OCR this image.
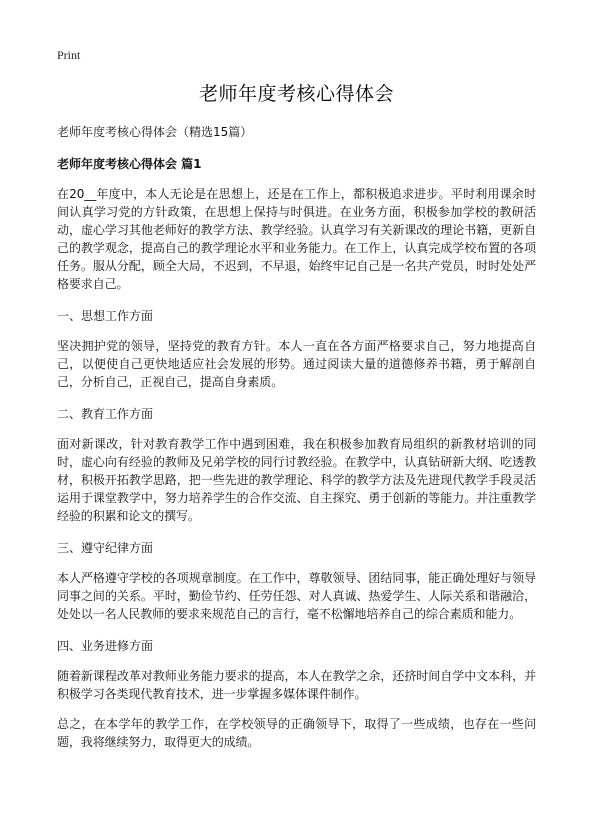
Print
老师年度考核心得体会

老师年度考核心得体会（精选15篇）

老师年度考核心得体会 篇1

在20__年度中，本人无论是在思想上，还是在工作上，都积极追求进步。平时利用课余时间认真学习党的方针政策，在思想上保持与时俱进。在业务方面，积极参加学校的教研活动，虚心学习其他老师好的教学方法、教学经验。认真学习有关新课改的理论书籍，更新自己的教学观念，提高自己的教学理论水平和业务能力。在工作上，认真完成学校布置的各项任务。服从分配，顾全大局，不迟到，不早退，始终牢记自己是一名共产党员，时时处处严格要求自己。

一、思想工作方面

坚决拥护党的领导，坚持党的教育方针。本人一直在各方面严格要求自己，努力地提高自己，以便使自己更快地适应社会发展的形势。通过阅读大量的道德修养书籍，勇于解剖自己，分析自己，正视自己，提高自身素质。

二、教育工作方面

面对新课改，针对教育教学工作中遇到困难，我在积极参加教育局组织的新教材培训的同时，虚心向有经验的教师及兄弟学校的同行讨教经验。在教学中，认真钻研新大纲、吃透教材，积极开拓教学思路，把一些先进的教学理论、科学的教学方法及先进现代教学手段灵活运用于课堂教学中，努力培养学生的合作交流、自主探究、勇于创新的等能力。并注重教学经验的积累和论文的撰写。

三、遵守纪律方面

本人严格遵守学校的各项规章制度。在工作中，尊敬领导、团结同事，能正确处理好与领导同事之间的关系。平时，勤俭节约、任劳任怨、对人真诚、热爱学生、人际关系和谐融洽，处处以一名人民教师的要求来规范自己的言行，毫不松懈地培养自己的综合素质和能力。

四、业务进修方面

随着新课程改革对教师业务能力要求的提高，本人在教学之余，还挤时间自学中文本科，并积极学习各类现代教育技术，进一步掌握多媒体课件制作。

总之，在本学年的教学工作，在学校领导的正确领导下，取得了一些成绩，也存在一些问题，我将继续努力，取得更大的成绩。
